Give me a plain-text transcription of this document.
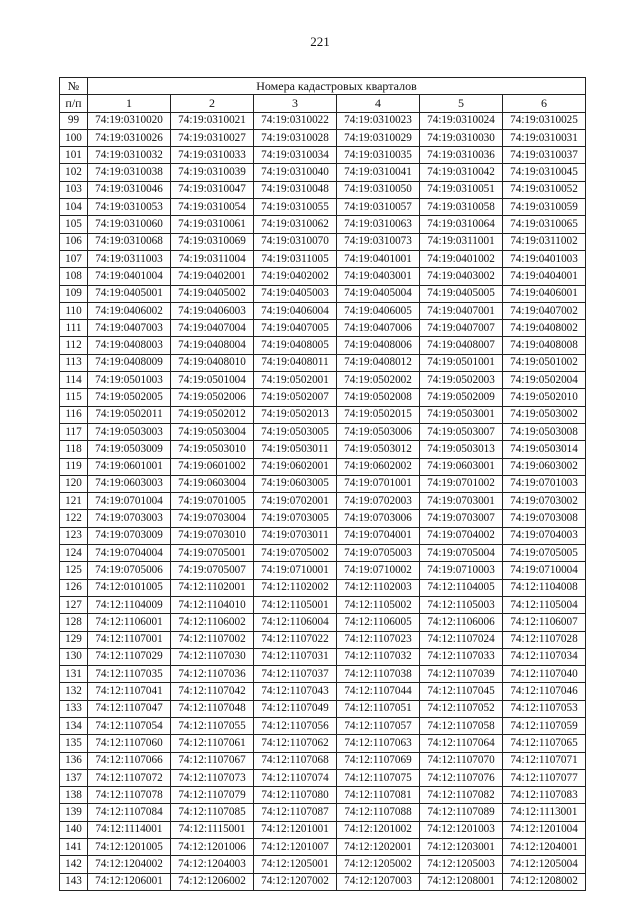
221
№	Номера кадастровых кварталов					
п/п	1	2	3	4	5	6
99	74:19:0310020	74:19:0310021	74:19:0310022	74:19:0310023	74:19:0310024	74:19:0310025
100	74:19:0310026	74:19:0310027	74:19:0310028	74:19:0310029	74:19:0310030	74:19:0310031
101	74:19:0310032	74:19:0310033	74:19:0310034	74:19:0310035	74:19:0310036	74:19:0310037
102	74:19:0310038	74:19:0310039	74:19:0310040	74:19:0310041	74:19:0310042	74:19:0310045
103	74:19:0310046	74:19:0310047	74:19:0310048	74:19:0310050	74:19:0310051	74:19:0310052
104	74:19:0310053	74:19:0310054	74:19:0310055	74:19:0310057	74:19:0310058	74:19:0310059
105	74:19:0310060	74:19:0310061	74:19:0310062	74:19:0310063	74:19:0310064	74:19:0310065
106	74:19:0310068	74:19:0310069	74:19:0310070	74:19:0310073	74:19:0311001	74:19:0311002
107	74:19:0311003	74:19:0311004	74:19:0311005	74:19:0401001	74:19:0401002	74:19:0401003
108	74:19:0401004	74:19:0402001	74:19:0402002	74:19:0403001	74:19:0403002	74:19:0404001
109	74:19:0405001	74:19:0405002	74:19:0405003	74:19:0405004	74:19:0405005	74:19:0406001
110	74:19:0406002	74:19:0406003	74:19:0406004	74:19:0406005	74:19:0407001	74:19:0407002
111	74:19:0407003	74:19:0407004	74:19:0407005	74:19:0407006	74:19:0407007	74:19:0408002
112	74:19:0408003	74:19:0408004	74:19:0408005	74:19:0408006	74:19:0408007	74:19:0408008
113	74:19:0408009	74:19:0408010	74:19:0408011	74:19:0408012	74:19:0501001	74:19:0501002
114	74:19:0501003	74:19:0501004	74:19:0502001	74:19:0502002	74:19:0502003	74:19:0502004
115	74:19:0502005	74:19:0502006	74:19:0502007	74:19:0502008	74:19:0502009	74:19:0502010
116	74:19:0502011	74:19:0502012	74:19:0502013	74:19:0502015	74:19:0503001	74:19:0503002
117	74:19:0503003	74:19:0503004	74:19:0503005	74:19:0503006	74:19:0503007	74:19:0503008
118	74:19:0503009	74:19:0503010	74:19:0503011	74:19:0503012	74:19:0503013	74:19:0503014
119	74:19:0601001	74:19:0601002	74:19:0602001	74:19:0602002	74:19:0603001	74:19:0603002
120	74:19:0603003	74:19:0603004	74:19:0603005	74:19:0701001	74:19:0701002	74:19:0701003
121	74:19:0701004	74:19:0701005	74:19:0702001	74:19:0702003	74:19:0703001	74:19:0703002
122	74:19:0703003	74:19:0703004	74:19:0703005	74:19:0703006	74:19:0703007	74:19:0703008
123	74:19:0703009	74:19:0703010	74:19:0703011	74:19:0704001	74:19:0704002	74:19:0704003
124	74:19:0704004	74:19:0705001	74:19:0705002	74:19:0705003	74:19:0705004	74:19:0705005
125	74:19:0705006	74:19:0705007	74:19:0710001	74:19:0710002	74:19:0710003	74:19:0710004
126	74:12:0101005	74:12:1102001	74:12:1102002	74:12:1102003	74:12:1104005	74:12:1104008
127	74:12:1104009	74:12:1104010	74:12:1105001	74:12:1105002	74:12:1105003	74:12:1105004
128	74:12:1106001	74:12:1106002	74:12:1106004	74:12:1106005	74:12:1106006	74:12:1106007
129	74:12:1107001	74:12:1107002	74:12:1107022	74:12:1107023	74:12:1107024	74:12:1107028
130	74:12:1107029	74:12:1107030	74:12:1107031	74:12:1107032	74:12:1107033	74:12:1107034
131	74:12:1107035	74:12:1107036	74:12:1107037	74:12:1107038	74:12:1107039	74:12:1107040
132	74:12:1107041	74:12:1107042	74:12:1107043	74:12:1107044	74:12:1107045	74:12:1107046
133	74:12:1107047	74:12:1107048	74:12:1107049	74:12:1107051	74:12:1107052	74:12:1107053
134	74:12:1107054	74:12:1107055	74:12:1107056	74:12:1107057	74:12:1107058	74:12:1107059
135	74:12:1107060	74:12:1107061	74:12:1107062	74:12:1107063	74:12:1107064	74:12:1107065
136	74:12:1107066	74:12:1107067	74:12:1107068	74:12:1107069	74:12:1107070	74:12:1107071
137	74:12:1107072	74:12:1107073	74:12:1107074	74:12:1107075	74:12:1107076	74:12:1107077
138	74:12:1107078	74:12:1107079	74:12:1107080	74:12:1107081	74:12:1107082	74:12:1107083
139	74:12:1107084	74:12:1107085	74:12:1107087	74:12:1107088	74:12:1107089	74:12:1113001
140	74:12:1114001	74:12:1115001	74:12:1201001	74:12:1201002	74:12:1201003	74:12:1201004
141	74:12:1201005	74:12:1201006	74:12:1201007	74:12:1202001	74:12:1203001	74:12:1204001
142	74:12:1204002	74:12:1204003	74:12:1205001	74:12:1205002	74:12:1205003	74:12:1205004
143	74:12:1206001	74:12:1206002	74:12:1207002	74:12:1207003	74:12:1208001	74:12:1208002
